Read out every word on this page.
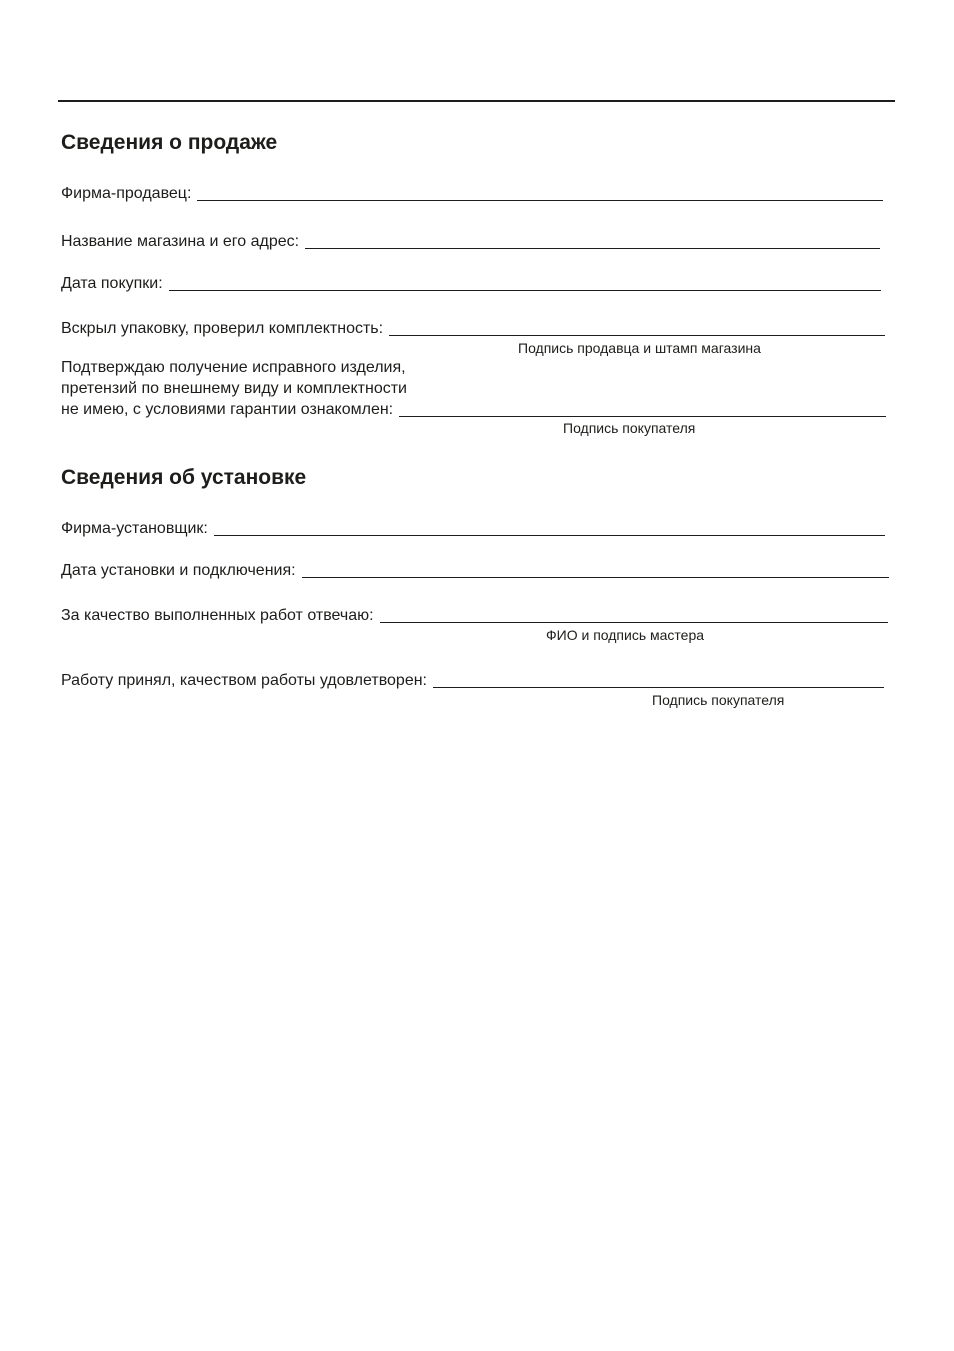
Сведения о продаже
Фирма-продавец:
Название магазина и его адрес:
Дата покупки:
Вскрыл упаковку, проверил комплектность:
Подпись продавца и штамп магазина
Подтверждаю получение исправного изделия,
претензий по внешнему виду и комплектности
не имею, с условиями гарантии ознакомлен:
Подпись покупателя
Сведения об установке
Фирма-установщик:
Дата установки и подключения:
За качество выполненных работ отвечаю:
ФИО и подпись мастера
Работу принял, качеством работы удовлетворен:
Подпись покупателя
